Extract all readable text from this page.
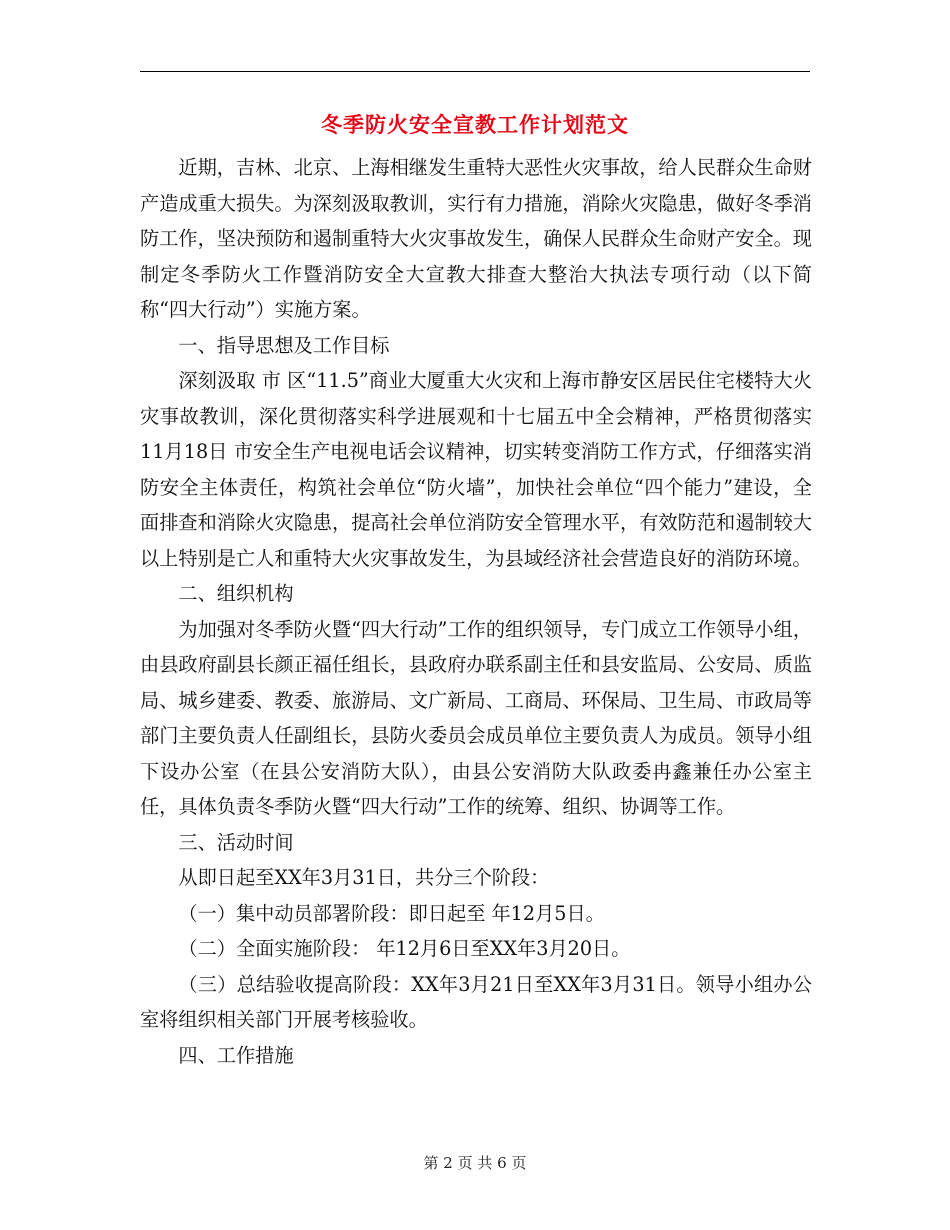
冬季防火安全宣教工作计划范文

近期，吉林、北京、上海相继发生重特大恶性火灾事故，给人民群众生命财产造成重大损失。为深刻汲取教训，实行有力措施，消除火灾隐患，做好冬季消防工作，坚决预防和遏制重特大火灾事故发生，确保人民群众生命财产安全。现制定冬季防火工作暨消防安全大宣教大排查大整治大执法专项行动（以下简称“四大行动”）实施方案。

一、指导思想及工作目标

深刻汲取 市 区“11.5”商业大厦重大火灾和上海市静安区居民住宅楼特大火灾事故教训，深化贯彻落实科学进展观和十七届五中全会精神，严格贯彻落实11月18日 市安全生产电视电话会议精神，切实转变消防工作方式，仔细落实消防安全主体责任，构筑社会单位“防火墙”，加快社会单位“四个能力”建设，全面排查和消除火灾隐患，提高社会单位消防安全管理水平，有效防范和遏制较大以上特别是亡人和重特大火灾事故发生，为县域经济社会营造良好的消防环境。

二、组织机构

为加强对冬季防火暨“四大行动”工作的组织领导，专门成立工作领导小组，由县政府副县长颜正福任组长，县政府办联系副主任和县安监局、公安局、质监局、城乡建委、教委、旅游局、文广新局、工商局、环保局、卫生局、市政局等部门主要负责人任副组长，县防火委员会成员单位主要负责人为成员。领导小组下设办公室（在县公安消防大队），由县公安消防大队政委冉鑫兼任办公室主任，具体负责冬季防火暨“四大行动”工作的统筹、组织、协调等工作。

三、活动时间

从即日起至XX年3月31日，共分三个阶段：

（一）集中动员部署阶段：即日起至 年12月5日。

（二）全面实施阶段： 年12月6日至XX年3月20日。

（三）总结验收提高阶段：XX年3月21日至XX年3月31日。领导小组办公室将组织相关部门开展考核验收。

四、工作措施

第 2 页 共 6 页
